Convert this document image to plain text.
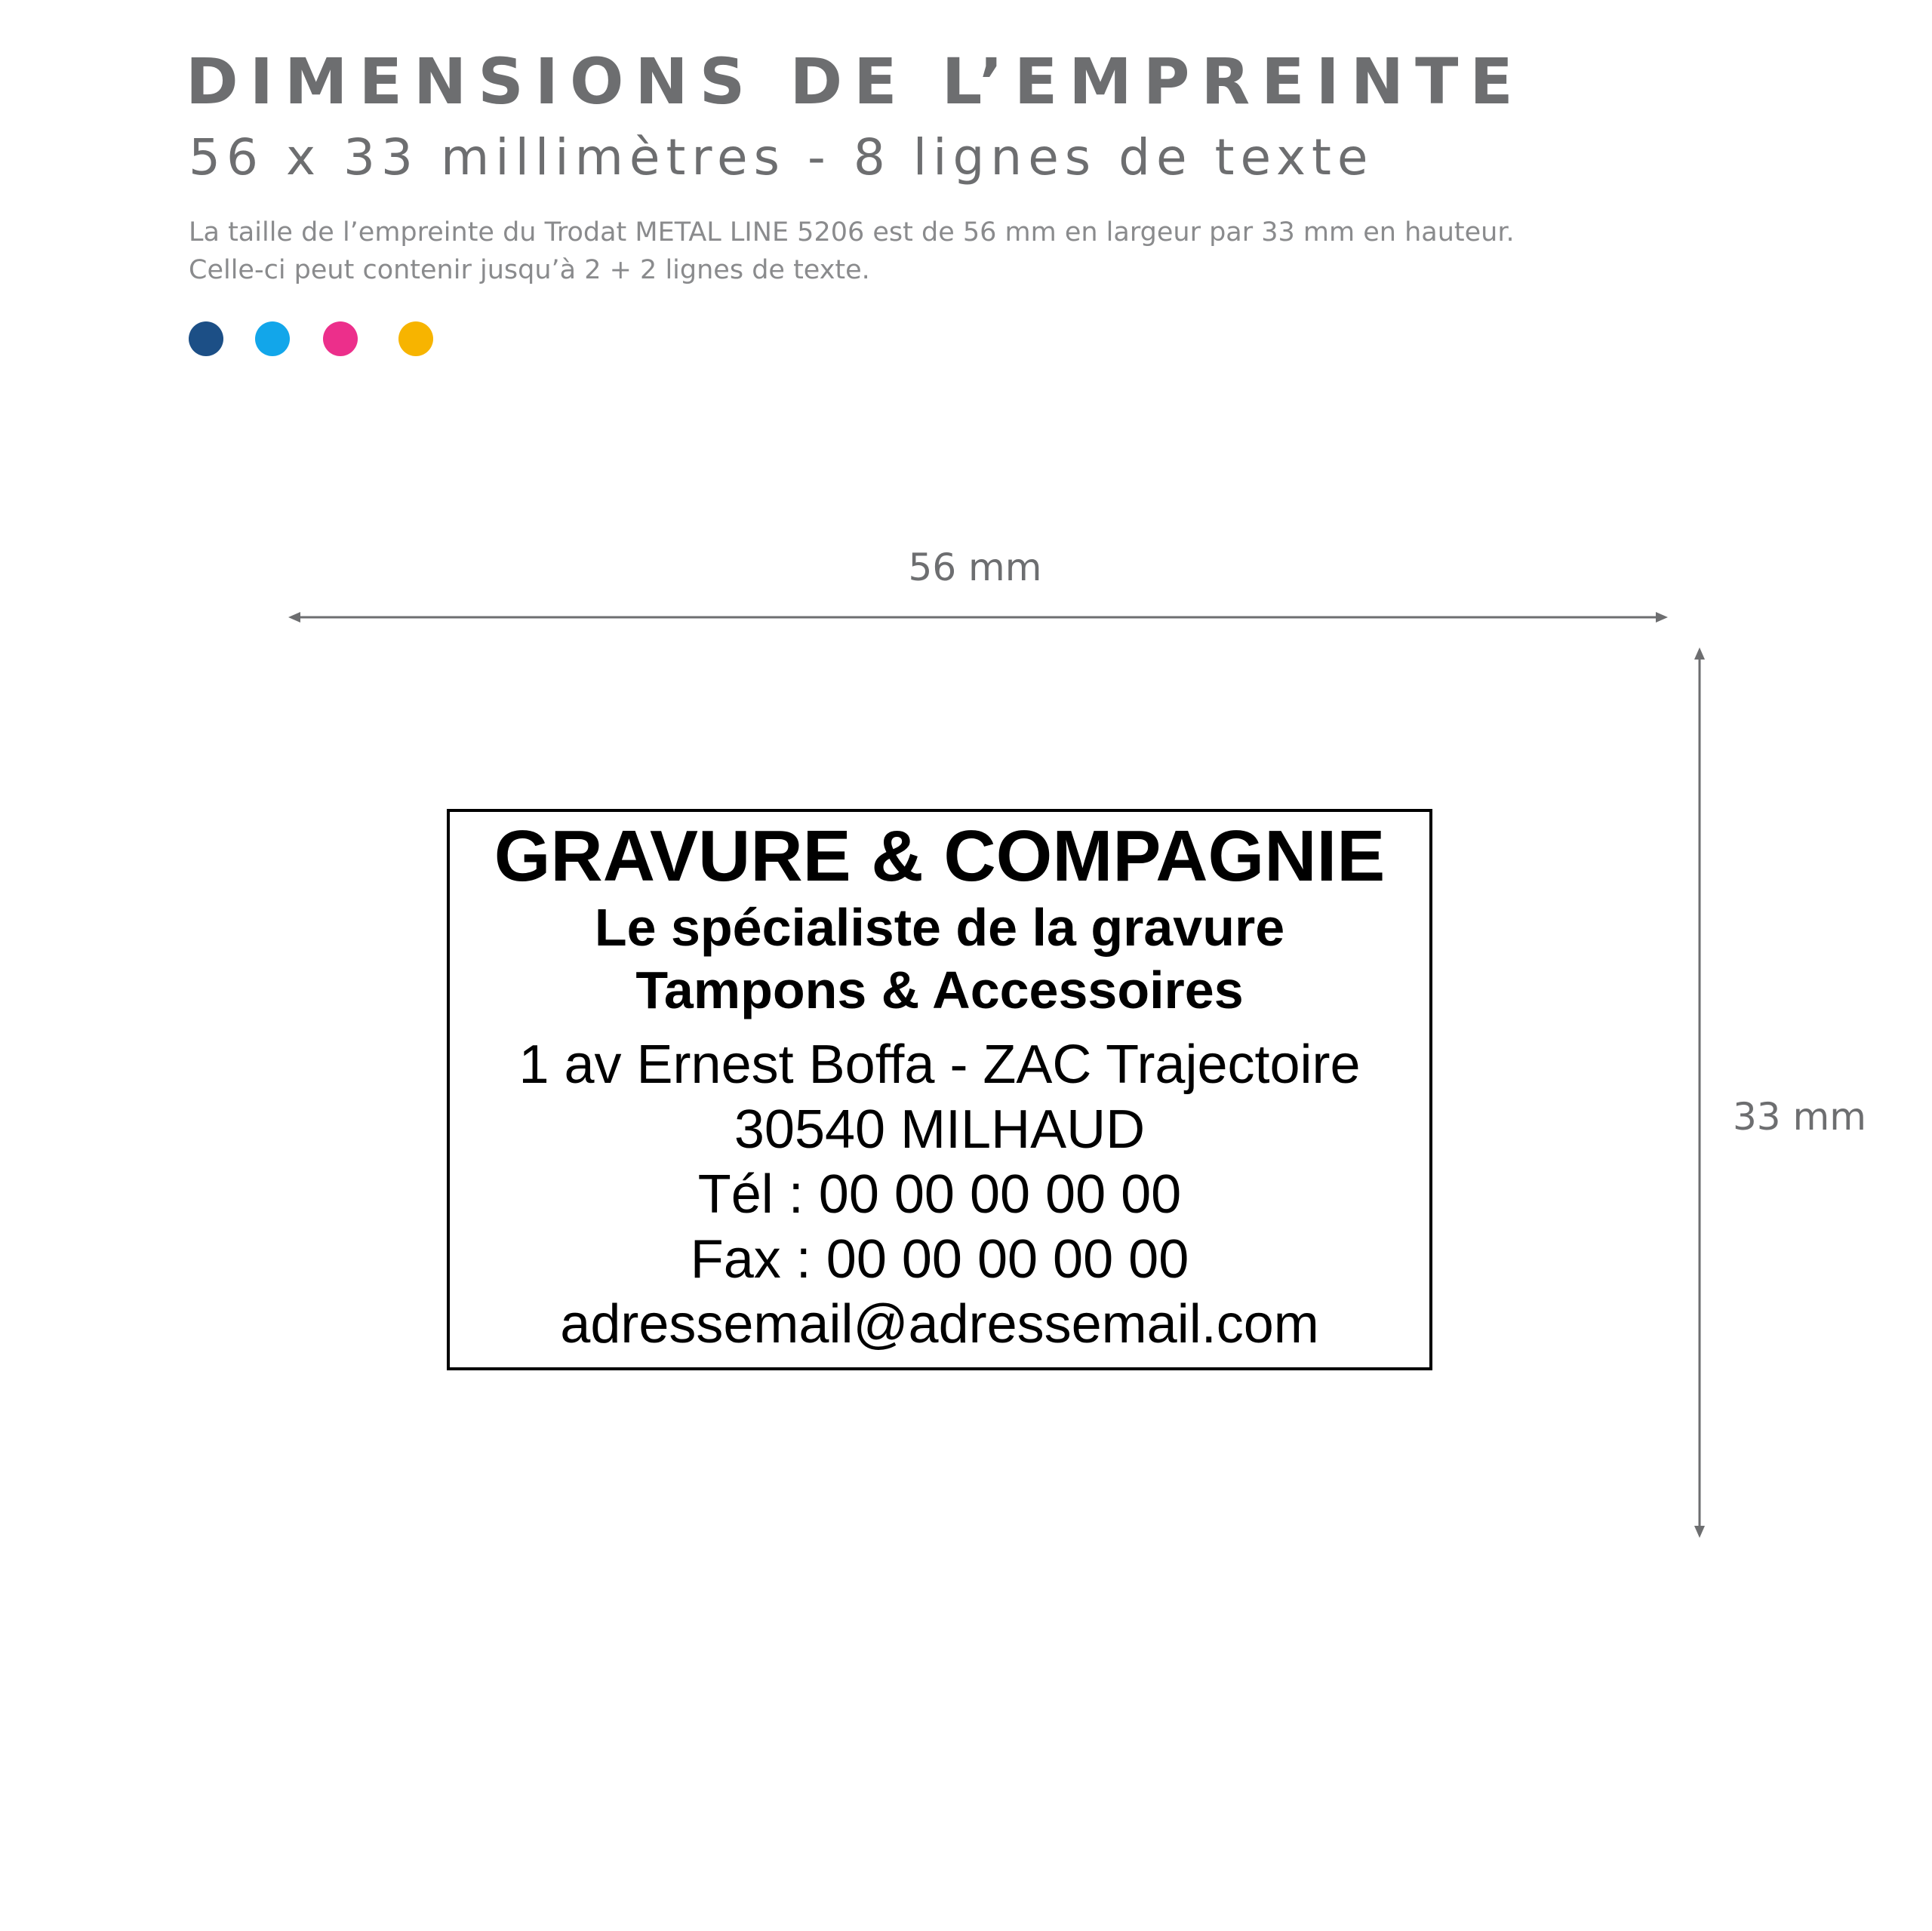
DIMENSIONS DE L’EMPREINTE
56 x 33 millimètres - 8 lignes de texte
La taille de l’empreinte du Trodat METAL LINE 5206 est de 56 mm en largeur par 33 mm en hauteur.
Celle-ci peut contenir jusqu’à 2 + 2 lignes de texte.
56 mm
33 mm
GRAVURE & COMPAGNIE
Le spécialiste de la gravure
Tampons & Accessoires
1 av Ernest Boffa - ZAC Trajectoire
30540 MILHAUD
Tél : 00 00 00 00 00
Fax : 00 00 00 00 00
adressemail@adressemail.com
